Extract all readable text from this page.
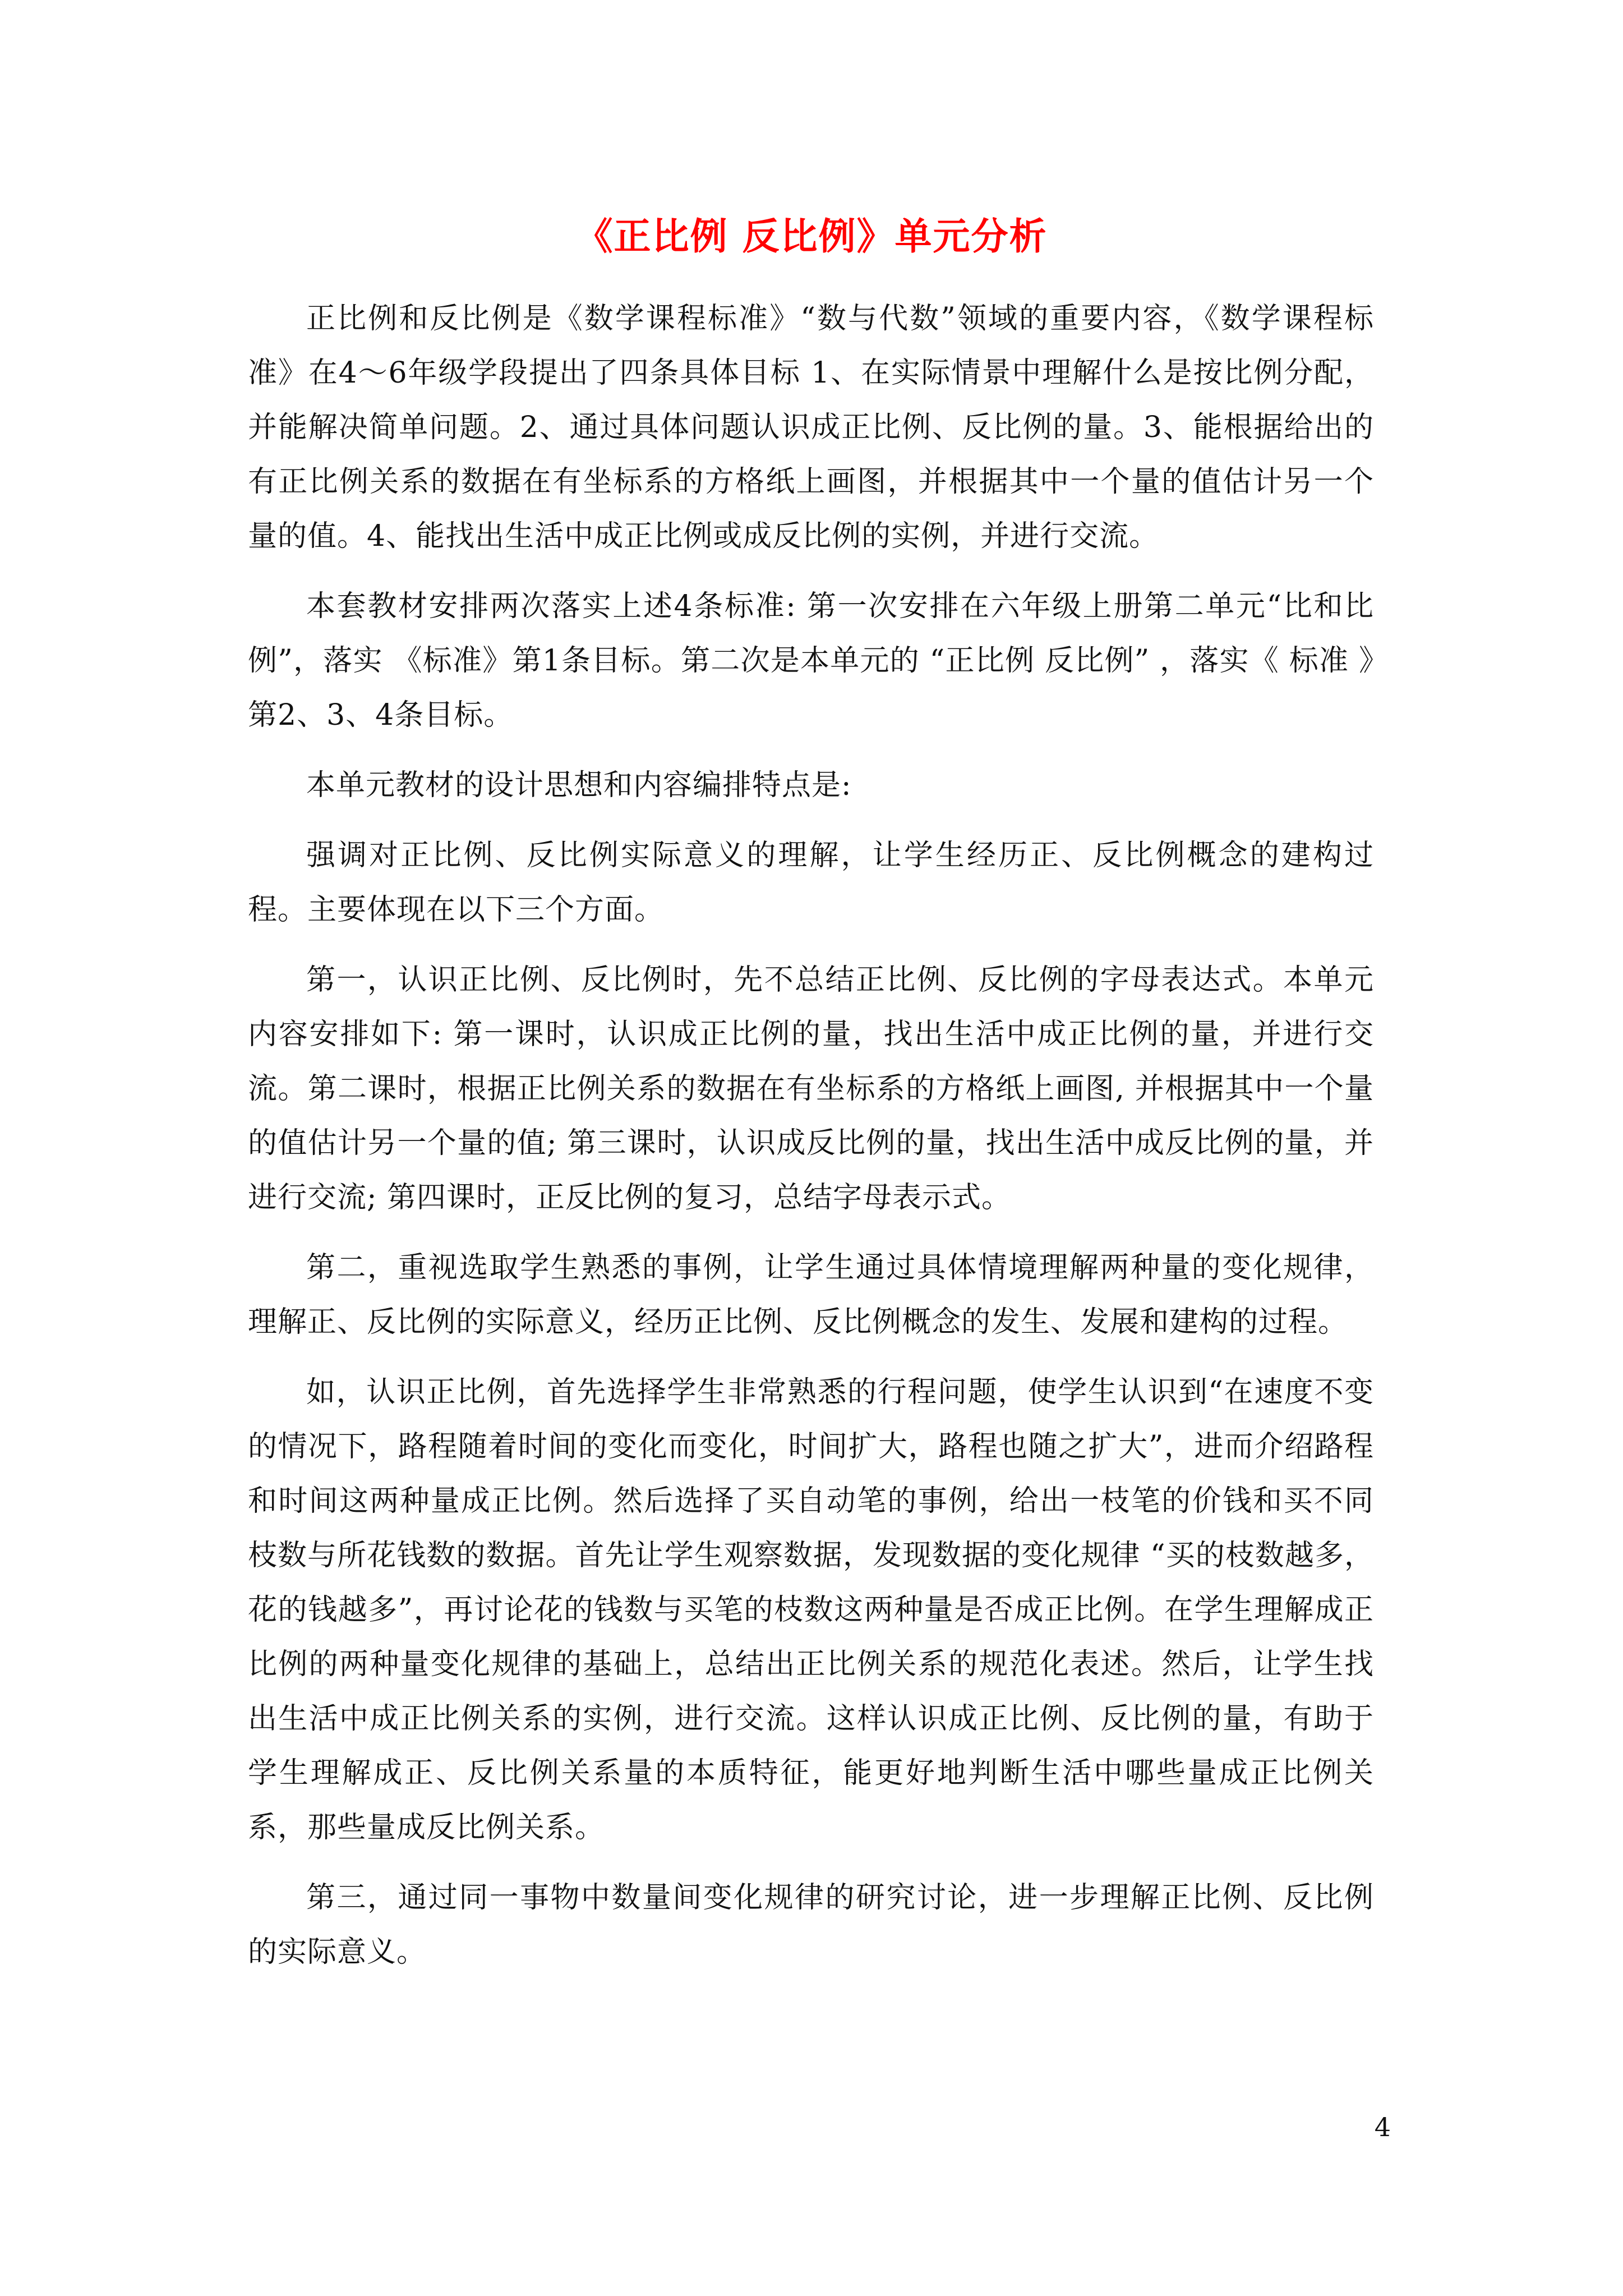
《正比例 反比例》单元分析

正比例和反比例是《数学课程标准》“数与代数”领域的重要内容，《数学课程标准》在4～6年级学段提出了四条具体目标 1、在实际情景中理解什么是按比例分配，并能解决简单问题。2、通过具体问题认识成正比例、反比例的量。3、能根据给出的有正比例关系的数据在有坐标系的方格纸上画图，并根据其中一个量的值估计另一个量的值。4、能找出生活中成正比例或成反比例的实例，并进行交流。

本套教材安排两次落实上述4条标准: 第一次安排在六年级上册第二单元“比和比例”，落实 《标准》第1条目标。第二次是本单元的 “正比例 反比例” ，落实《 标准 》第2、3、4条目标。

本单元教材的设计思想和内容编排特点是:

强调对正比例、反比例实际意义的理解，让学生经历正、反比例概念的建构过程。主要体现在以下三个方面。

第一，认识正比例、反比例时，先不总结正比例、反比例的字母表达式。本单元内容安排如下: 第一课时，认识成正比例的量，找出生活中成正比例的量，并进行交流。第二课时，根据正比例关系的数据在有坐标系的方格纸上画图, 并根据其中一个量的值估计另一个量的值; 第三课时，认识成反比例的量，找出生活中成反比例的量，并进行交流; 第四课时，正反比例的复习，总结字母表示式。

第二，重视选取学生熟悉的事例，让学生通过具体情境理解两种量的变化规律，理解正、反比例的实际意义，经历正比例、反比例概念的发生、发展和建构的过程。

如，认识正比例，首先选择学生非常熟悉的行程问题，使学生认识到“在速度不变的情况下，路程随着时间的变化而变化，时间扩大，路程也随之扩大”，进而介绍路程和时间这两种量成正比例。然后选择了买自动笔的事例，给出一枝笔的价钱和买不同枝数与所花钱数的数据。首先让学生观察数据，发现数据的变化规律 “买的枝数越多，花的钱越多”，再讨论花的钱数与买笔的枝数这两种量是否成正比例。在学生理解成正比例的两种量变化规律的基础上，总结出正比例关系的规范化表述。然后，让学生找出生活中成正比例关系的实例，进行交流。这样认识成正比例、反比例的量，有助于学生理解成正、反比例关系量的本质特征，能更好地判断生活中哪些量成正比例关系，那些量成反比例关系。

第三，通过同一事物中数量间变化规律的研究讨论，进一步理解正比例、反比例的实际意义。

4
